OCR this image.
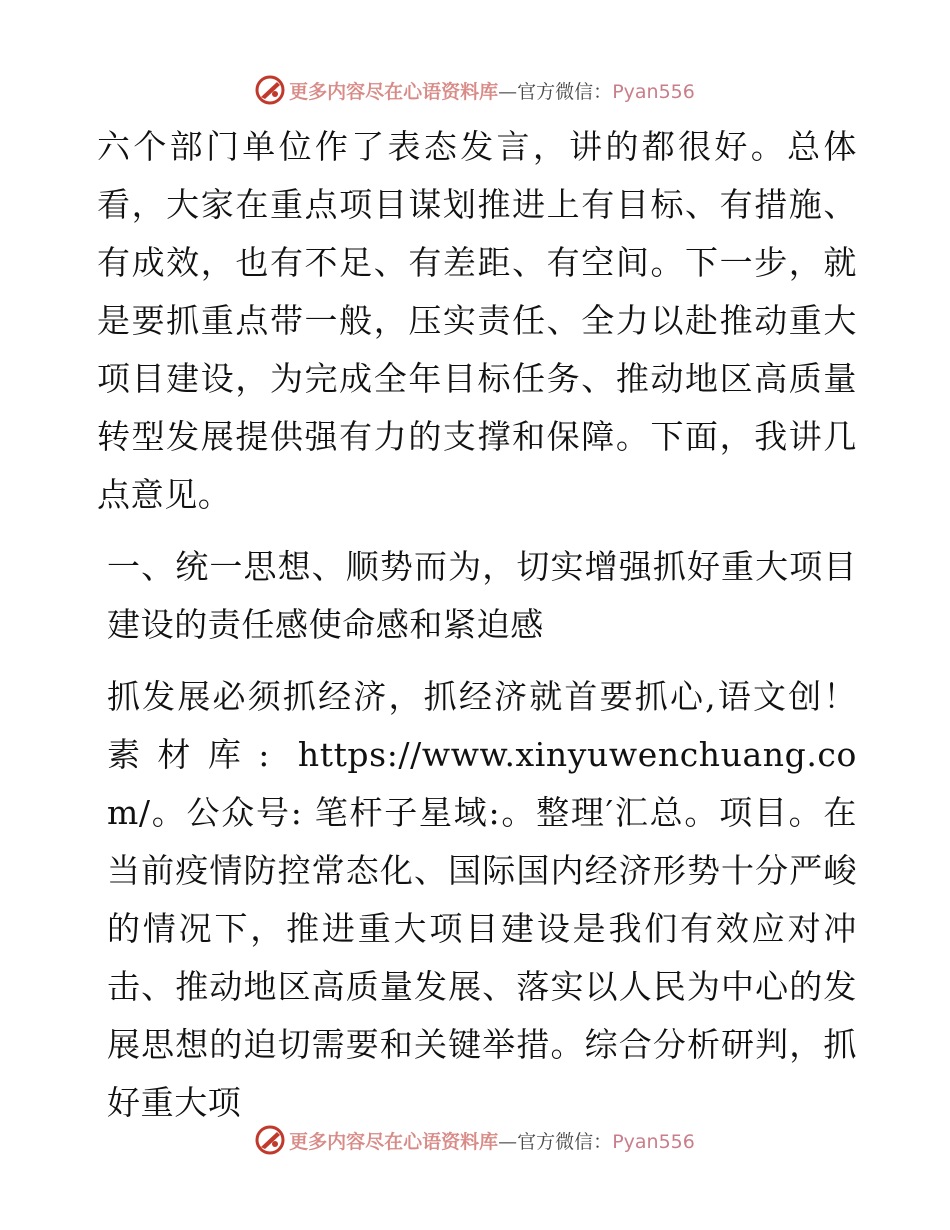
更多内容尽在心语资料库—官方微信：Pyan556

六个部门单位作了表态发言，讲的都很好。总体看，大家在重点项目谋划推进上有目标、有措施、有成效，也有不足、有差距、有空间。下一步，就是要抓重点带一般，压实责任、全力以赴推动重大项目建设，为完成全年目标任务、推动地区高质量转型发展提供强有力的支撑和保障。下面，我讲几点意见。

一、统一思想、顺势而为，切实增强抓好重大项目建设的责任感使命感和紧迫感

抓发展必须抓经济，抓经济就首要抓心,语文创！素材库: https://www.xinyuwenchuang.com/。公众号: 笔杆子星域:。整理′汇总。项目。在当前疫情防控常态化、国际国内经济形势十分严峻的情况下，推进重大项目建设是我们有效应对冲击、推动地区高质量发展、落实以人民为中心的发展思想的迫切需要和关键举措。综合分析研判，抓好重大项

更多内容尽在心语资料库—官方微信：Pyan556
